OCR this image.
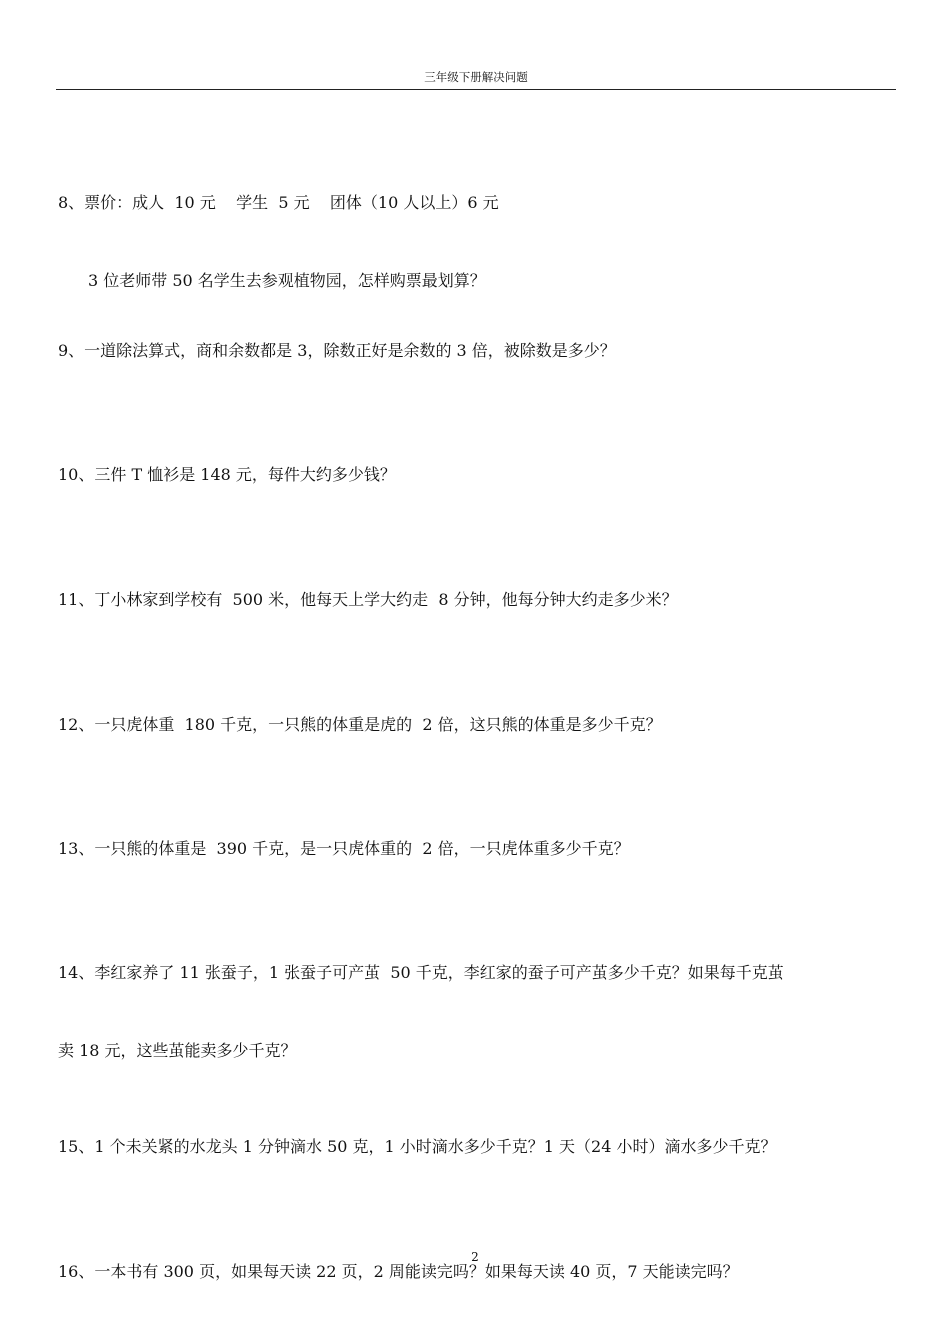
三年级下册解决问题

8、票价：成人  10 元    学生  5 元    团体（10 人以上）6 元

3 位老师带 50 名学生去参观植物园，怎样购票最划算？

9、一道除法算式，商和余数都是 3，除数正好是余数的 3 倍，被除数是多少？

10、三件 T 恤衫是 148 元，每件大约多少钱？

11、丁小林家到学校有  500 米，他每天上学大约走  8 分钟，他每分钟大约走多少米？

12、一只虎体重  180 千克，一只熊的体重是虎的  2 倍，这只熊的体重是多少千克？

13、一只熊的体重是  390 千克，是一只虎体重的  2 倍，一只虎体重多少千克？

14、李红家养了 11 张蚕子，1 张蚕子可产茧  50 千克，李红家的蚕子可产茧多少千克？如果每千克茧

卖 18 元，这些茧能卖多少千克？

15、1 个未关紧的水龙头 1 分钟滴水 50 克，1 小时滴水多少千克？1 天（24 小时）滴水多少千克？

16、一本书有 300 页，如果每天读 22 页，2 周能读完吗？如果每天读 40 页，7 天能读完吗？

2
